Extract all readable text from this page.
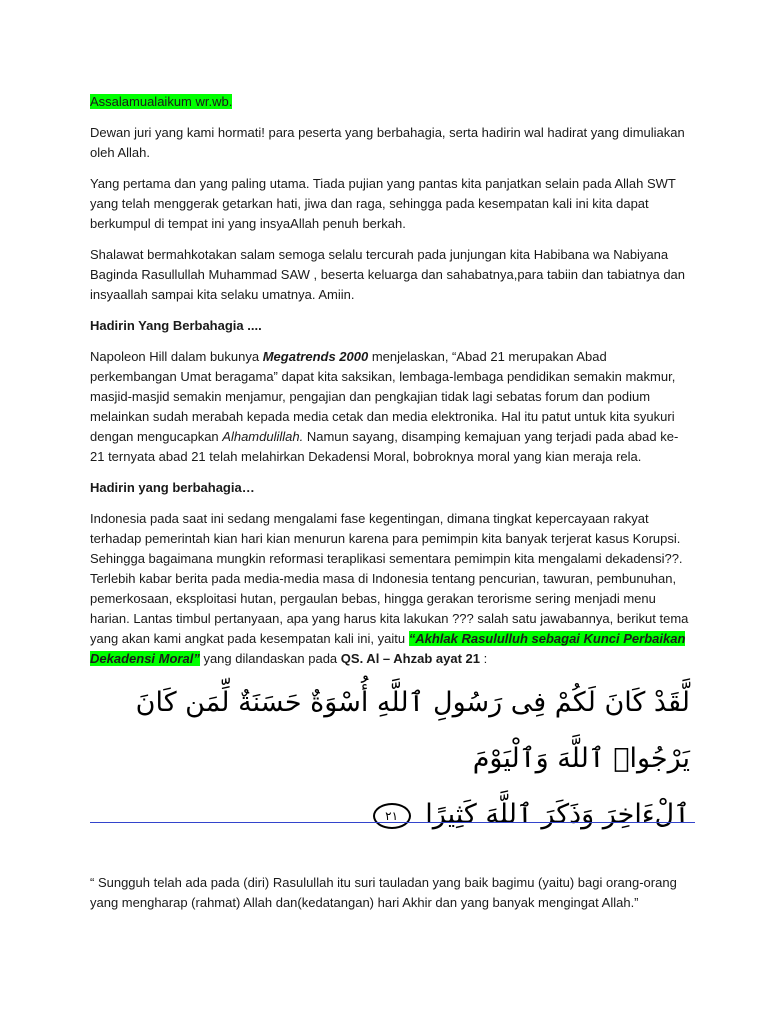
Assalamualaikum wr.wb.

Dewan juri yang kami hormati! para peserta yang berbahagia, serta hadirin wal hadirat yang dimuliakan oleh Allah.

Yang pertama dan yang paling utama. Tiada pujian yang pantas kita panjatkan selain pada Allah SWT yang telah menggerak getarkan hati, jiwa dan raga, sehingga pada kesempatan kali ini kita dapat berkumpul di tempat ini yang insyaAllah penuh berkah.

Shalawat bermahkotakan salam semoga selalu tercurah pada junjungan kita Habibana wa Nabiyana Baginda Rasullullah Muhammad SAW , beserta keluarga dan sahabatnya,para tabiin dan tabiatnya dan insyaallah sampai kita selaku umatnya. Amiin.

Hadirin Yang Berbahagia ....

Napoleon Hill dalam bukunya Megatrends 2000 menjelaskan, “Abad 21 merupakan Abad perkembangan Umat beragama” dapat kita saksikan, lembaga-lembaga pendidikan semakin makmur, masjid-masjid semakin menjamur, pengajian dan pengkajian tidak lagi sebatas forum dan podium melainkan sudah merabah kepada media cetak dan media elektronika. Hal itu patut untuk kita syukuri dengan mengucapkan Alhamdulillah. Namun sayang, disamping kemajuan yang terjadi pada abad ke-21 ternyata abad 21 telah melahirkan Dekadensi Moral, bobroknya moral yang kian meraja rela.

Hadirin yang berbahagia…

Indonesia pada saat ini sedang mengalami fase kegentingan, dimana tingkat kepercayaan rakyat terhadap pemerintah kian hari kian menurun karena para pemimpin kita banyak terjerat kasus Korupsi. Sehingga bagaimana mungkin reformasi teraplikasi sementara pemimpin kita mengalami dekadensi??. Terlebih kabar berita pada media-media masa di Indonesia tentang pencurian, tawuran, pembunuhan, pemerkosaan, eksploitasi hutan, pergaulan bebas, hingga gerakan terorisme sering menjadi menu harian. Lantas timbul pertanyaan, apa yang harus kita lakukan ??? salah satu jawabannya, berikut tema yang akan kami angkat pada kesempatan kali ini, yaitu “Akhlak Rasululluh sebagai Kunci Perbaikan Dekadensi Moral” yang dilandaskan pada QS. Al – Ahzab ayat 21 :

لَّقَدْ كَانَ لَكُمْ فِى رَسُولِ ٱللَّهِ أُسْوَةٌ حَسَنَةٌ لِّمَن كَانَ يَرْجُوا۟ ٱللَّهَ وَٱلْيَوْمَ
ٱلْءَاخِرَ وَذَكَرَ ٱللَّهَ كَثِيرًا ٢١

“ Sungguh telah ada pada (diri) Rasulullah itu suri tauladan yang baik bagimu (yaitu) bagi orang-orang yang mengharap (rahmat) Allah dan(kedatangan) hari Akhir dan yang banyak mengingat Allah.”
